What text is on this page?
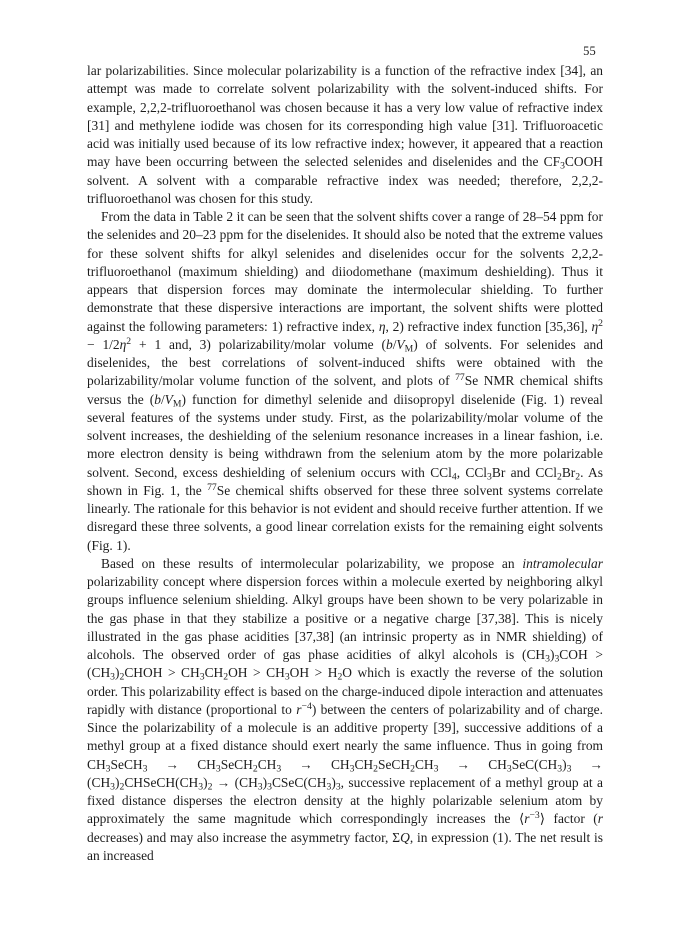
55

lar polarizabilities. Since molecular polarizability is a function of the refractive index [34], an attempt was made to correlate solvent polarizability with the solvent-induced shifts. For example, 2,2,2-trifluoroethanol was chosen because it has a very low value of refractive index [31] and methylene iodide was chosen for its corresponding high value [31]. Trifluoroacetic acid was initially used because of its low refractive index; however, it appeared that a reaction may have been occurring between the selected selenides and diselenides and the $CF_3COOH$ solvent. A solvent with a comparable refractive index was needed; therefore, 2,2,2-trifluoroethanol was chosen for this study.

From the data in Table 2 it can be seen that the solvent shifts cover a range of 28–54 ppm for the selenides and 20–23 ppm for the diselenides. It should also be noted that the extreme values for these solvent shifts for alkyl selenides and diselenides occur for the solvents 2,2,2-trifluoroethanol (maximum shielding) and diiodomethane (maximum deshielding). Thus it appears that dispersion forces may dominate the intermolecular shielding. To further demonstrate that these dispersive interactions are important, the solvent shifts were plotted against the following parameters: 1) refractive index, η, 2) refractive index function [35,36], $\eta^2 - 1/2\eta^2 + 1$ and, 3) polarizability/molar volume $(b/V_M)$ of solvents. For selenides and diselenides, the best correlations of solvent-induced shifts were obtained with the polarizability/molar volume function of the solvent, and plots of $^{77}$Se NMR chemical shifts versus the $(b/V_M)$ function for dimethyl selenide and diisopropyl diselenide (Fig. 1) reveal several features of the systems under study. First, as the polarizability/molar volume of the solvent increases, the deshielding of the selenium resonance increases in a linear fashion, i.e. more electron density is being withdrawn from the selenium atom by the more polarizable solvent. Second, excess deshielding of selenium occurs with CCl$_4$, CCl$_3$Br and $CCl_2Br_2$. As shown in Fig. 1, the $^{77}$Se chemical shifts observed for these three solvent systems correlate linearly. The rationale for this behavior is not evident and should receive further attention. If we disregard these three solvents, a good linear correlation exists for the remaining eight solvents (Fig. 1).

Based on these results of intermolecular polarizability, we propose an intramolecular polarizability concept where dispersion forces within a molecule exerted by neighboring alkyl groups influence selenium shielding. Alkyl groups have been shown to be very polarizable in the gas phase in that they stabilize a positive or a negative charge [37,38]. This is nicely illustrated in the gas phase acidities [37,38] (an intrinsic property as in NMR shielding) of alcohols. The observed order of gas phase acidities of alkyl alcohols is $(CH_3)_3COH$ > $(CH_3)_2CHOH > CH_3CH_2OH > CH_3OH > H_2O$ which is exactly the reverse of the solution order. This polarizability effect is based on the charge-induced dipole interaction and attenuates rapidly with distance (proportional to $r^{-4}$) between the centers of polarizability and of charge. Since the polarizability of a molecule is an additive property [39], successive additions of a methyl group at a fixed distance should exert nearly the same influence. Thus in going from $CH_3SeCH_3$ → $CH_3SeCH_2CH_3$ → $CH_3CH_2SeCH_2CH_3 \to CH_3SeC(CH_3)_3$ → $(CH_3)_2CHSeCH(CH_3)_2$ → $(CH_3)_3CSeC(CH_3)_3$, successive replacement of a methyl group at a fixed distance disperses the electron density at the highly polarizable selenium atom by approximately the same magnitude which correspondingly increases the $⟨r^{-3}⟩$ factor (r decreases) and may also increase the asymmetry factor, ΣQ, in expression (1). The net result is an increased
